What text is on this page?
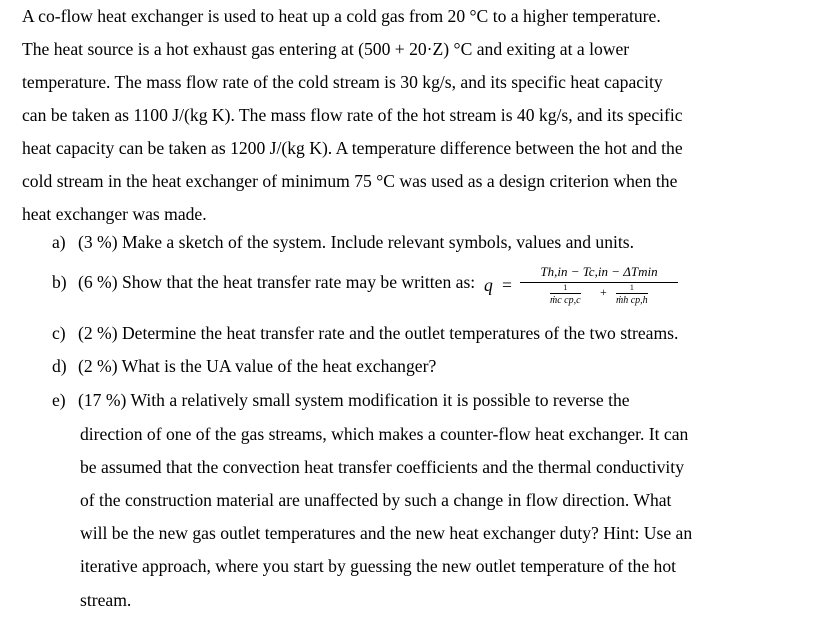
A co-flow heat exchanger is used to heat up a cold gas from 20 °C to a higher temperature.
The heat source is a hot exhaust gas entering at (500 + 20·Z) °C and exiting at a lower
temperature. The mass flow rate of the cold stream is 30 kg/s, and its specific heat capacity
can be taken as 1100 J/(kg K). The mass flow rate of the hot stream is 40 kg/s, and its specific
heat capacity can be taken as 1200 J/(kg K). A temperature difference between the hot and the
cold stream in the heat exchanger of minimum 75 °C was used as a design criterion when the
heat exchanger was made.
a) (3 %) Make a sketch of the system. Include relevant symbols, values and units.
b) (6 %) Show that the heat transfer rate may be written as: q =
Th,in − Tc,in − ΔTmin
1
ṁc cp,c
+	1
ṁh cp,h
c) (2 %) Determine the heat transfer rate and the outlet temperatures of the two streams.
d) (2 %) What is the UA value of the heat exchanger?
e) (17 %) With a relatively small system modification it is possible to reverse the
direction of one of the gas streams, which makes a counter-flow heat exchanger. It can
be assumed that the convection heat transfer coefficients and the thermal conductivity
of the construction material are unaffected by such a change in flow direction. What
will be the new gas outlet temperatures and the new heat exchanger duty? Hint: Use an
iterative approach, where you start by guessing the new outlet temperature of the hot
stream.
